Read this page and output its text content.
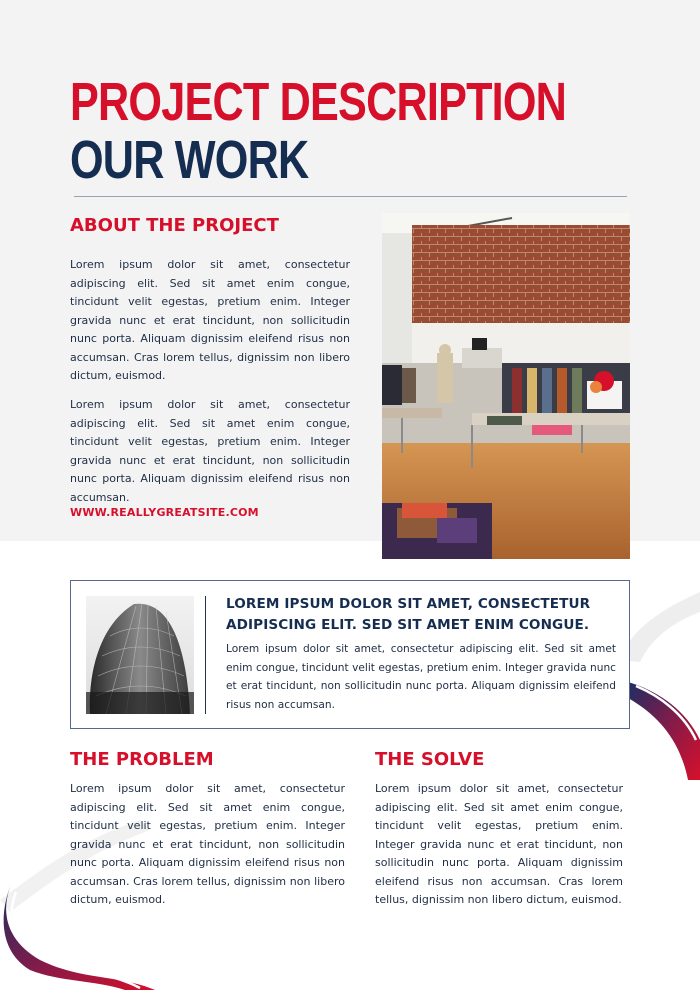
PROJECT DESCRIPTION
OUR WORK
ABOUT THE PROJECT

Lorem ipsum dolor sit amet, consectetur adipiscing elit. Sed sit amet enim congue, tincidunt velit egestas, pretium enim. Integer gravida nunc et erat tincidunt, non sollicitudin nunc porta. Aliquam dignissim eleifend risus non accumsan. Cras lorem tellus, dignissim non libero dictum, euismod.

Lorem ipsum dolor sit amet, consectetur adipiscing elit. Sed sit amet enim congue, tincidunt velit egestas, pretium enim. Integer gravida nunc et erat tincidunt, non sollicitudin nunc porta. Aliquam dignissim eleifend risus non accumsan.

WWW.REALLYGREATSITE.COM

LOREM IPSUM DOLOR SIT AMET, CONSECTETUR ADIPISCING ELIT. SED SIT AMET ENIM CONGUE.

Lorem ipsum dolor sit amet, consectetur adipiscing elit. Sed sit amet enim congue, tincidunt velit egestas, pretium enim. Integer gravida nunc et erat tincidunt, non sollicitudin nunc porta. Aliquam dignissim eleifend risus non accumsan.

THE PROBLEM

Lorem ipsum dolor sit amet, consectetur adipiscing elit. Sed sit amet enim congue, tincidunt velit egestas, pretium enim. Integer gravida nunc et erat tincidunt, non sollicitudin nunc porta. Aliquam dignissim eleifend risus non accumsan. Cras lorem tellus, dignissim non libero dictum, euismod.

THE SOLVE

Lorem ipsum dolor sit amet, consectetur adipiscing elit. Sed sit amet enim congue, tincidunt velit egestas, pretium enim. Integer gravida nunc et erat tincidunt, non sollicitudin nunc porta. Aliquam dignissim eleifend risus non accumsan. Cras lorem tellus, dignissim non libero dictum, euismod.
